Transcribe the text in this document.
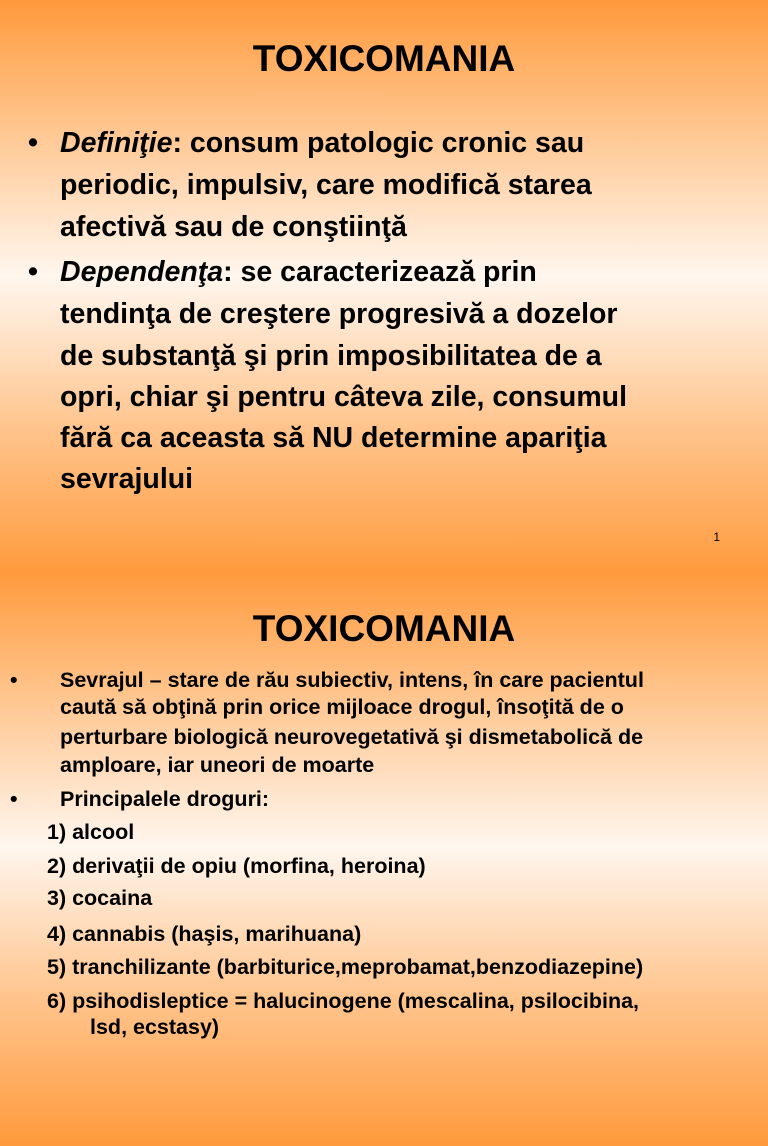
TOXICOMANIA
• Definiţie: consum patologic cronic sau
periodic, impulsiv, care modifică starea
afectivă sau de conştiinţă
• Dependenţa: se caracterizează prin
tendinţa de creştere progresivă a dozelor
de substanţă şi prin imposibilitatea de a
opri, chiar şi pentru câteva zile, consumul
fără ca aceasta să NU determine apariţia
sevrajului
1
TOXICOMANIA
• Sevrajul – stare de rău subiectiv, intens, în care pacientul
caută să obţină prin orice mijloace drogul, însoţită de o
perturbare biologică neurovegetativă şi dismetabolică de
amploare, iar uneori de moarte
• Principalele droguri:
1) alcool
2) derivaţii de opiu (morfina, heroina)
3) cocaina
4) cannabis (haşis, marihuana)
5) tranchilizante (barbiturice,meprobamat,benzodiazepine)
6) psihodisleptice = halucinogene (mescalina, psilocibina,
lsd, ecstasy)
